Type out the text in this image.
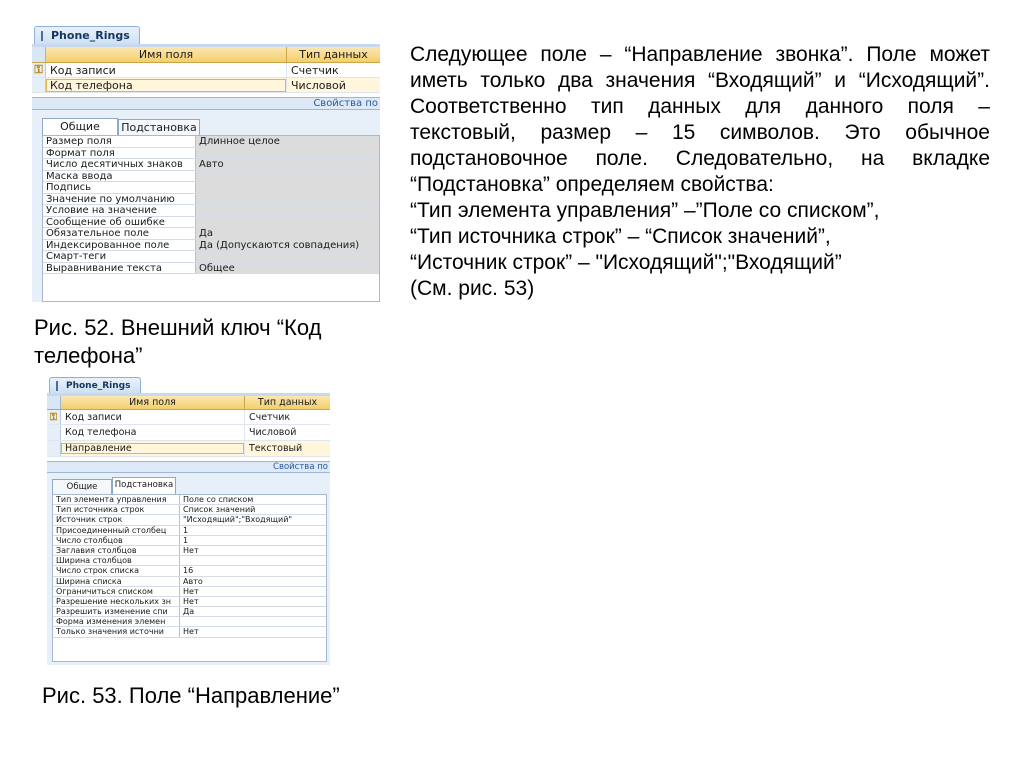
Phone_Rings
Имя поля	Тип данных
⚿ Код записи	Счетчик
Код телефона	Числовой
Свойства по
Общие	Подстановка
Размер поля	Длинное целое
Формат поля
Число десятичных знаков	Авто
Маска ввода
Подпись
Значение по умолчанию
Условие на значение
Сообщение об ошибке
Обязательное поле	Да
Индексированное поле	Да (Допускаются совпадения)
Смарт-теги
Выравнивание текста	Общее
Рис. 52. Внешний ключ “Код
телефона”
Phone_Rings
Имя поля	Тип данных
⚿ Код записи	Счетчик
Код телефона	Числовой
Направление	Текстовый
Свойства по
Общие	Подстановка
Тип элемента управления	Поле со списком
Тип источника строк	Список значений
Источник строк	"Исходящий";"Входящий"
Присоединенный столбец	1
Число столбцов	1
Заглавия столбцов	Нет
Ширина столбцов
Число строк списка	16
Ширина списка	Авто
Ограничиться списком	Нет
Разрешение нескольких зн	Нет
Разрешить изменение спи	Да
Форма изменения элемен
Только значения источни	Нет
Рис. 53. Поле “Направление”

Следующее поле – “Направление звонка”. Поле может иметь только два значения “Входящий” и “Исходящий”. Соответственно тип данных для данного поля – текстовый, размер – 15 символов. Это обычное подстановочное поле. Следовательно, на вкладке “Подстановка” определяем свойства:

“Тип элемента управления” –”Поле со списком”,

“Тип источника строк” – “Список значений”,

“Источник строк” – "Исходящий";"Входящий”

(См. рис. 53)
